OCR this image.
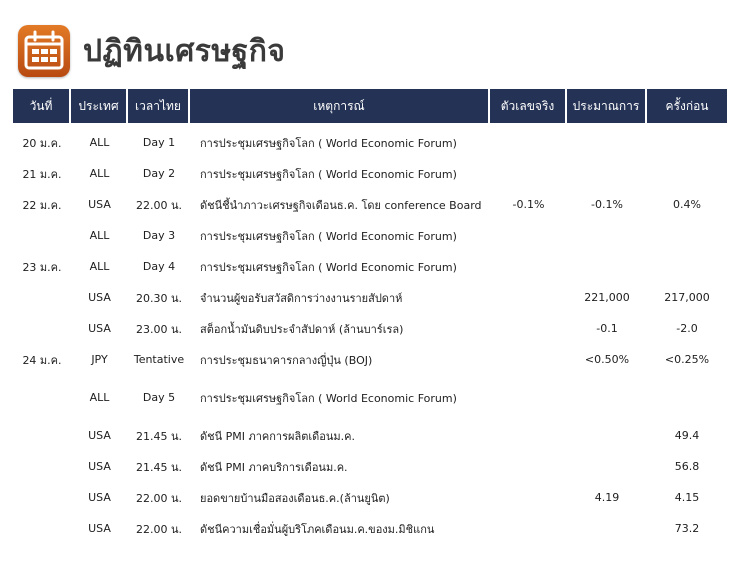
ปฏิทินเศรษฐกิจ
วันที่	ประเทศ	เวลาไทย	เหตุการณ์	ตัวเลขจริง	ประมาณการ	ครั้งก่อน
20 ม.ค.	ALL	Day 1	การประชุมเศรษฐกิจโลก ( World Economic Forum)			
21 ม.ค.	ALL	Day 2	การประชุมเศรษฐกิจโลก ( World Economic Forum)			
22 ม.ค.	USA	22.00 น.	ดัชนีชี้นำภาวะเศรษฐกิจเดือนธ.ค. โดย conference Board	-0.1%	-0.1%	0.4%
	ALL	Day 3	การประชุมเศรษฐกิจโลก ( World Economic Forum)			
23 ม.ค.	ALL	Day 4	การประชุมเศรษฐกิจโลก ( World Economic Forum)			
	USA	20.30 น.	จำนวนผู้ขอรับสวัสดิการว่างงานรายสัปดาห์		221,000	217,000
	USA	23.00 น.	สต็อกน้ำมันดิบประจำสัปดาห์ (ล้านบาร์เรล)		-0.1	-2.0
24 ม.ค.	JPY	Tentative	การประชุมธนาคารกลางญี่ปุ่น (BOJ)		<0.50%	<0.25%
	ALL	Day 5	การประชุมเศรษฐกิจโลก ( World Economic Forum)			
	USA	21.45 น.	ดัชนี PMI ภาคการผลิตเดือนม.ค.			49.4
	USA	21.45 น.	ดัชนี PMI ภาคบริการเดือนม.ค.			56.8
	USA	22.00 น.	ยอดขายบ้านมือสองเดือนธ.ค.(ล้านยูนิต)		4.19	4.15
	USA	22.00 น.	ดัชนีความเชื่อมั่นผู้บริโภคเดือนม.ค.ของม.มิชิแกน			73.2
